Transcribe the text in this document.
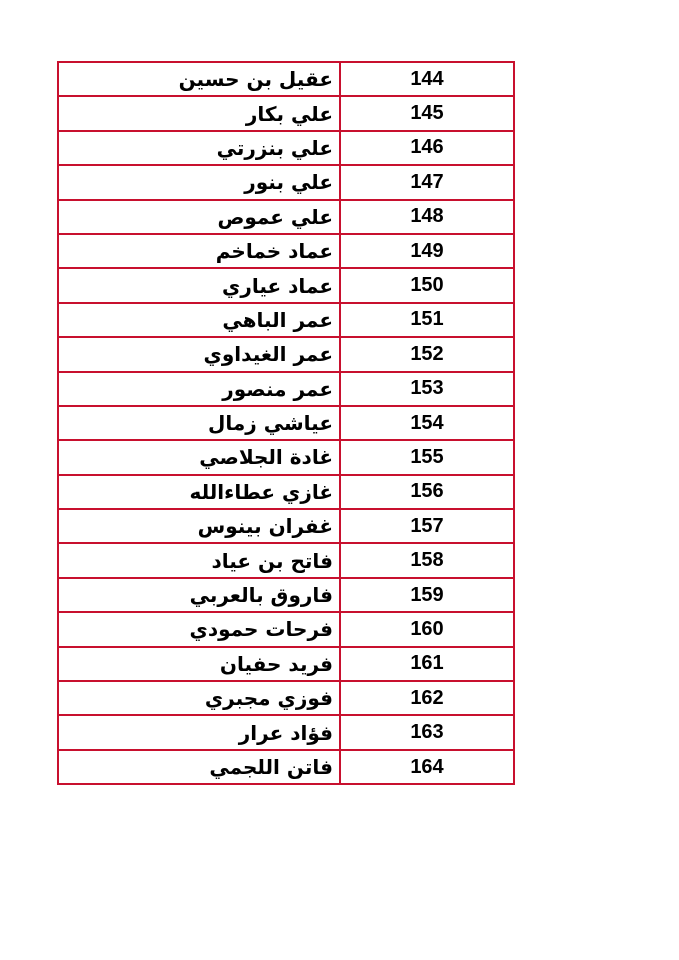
عقيل بن حسين	144
علي بكار	145
علي بنزرتي	146
علي بنور	147
علي عموص	148
عماد خماخم	149
عماد عياري	150
عمر الباهي	151
عمر الغيداوي	152
عمر منصور	153
عياشي زمال	154
غادة الجلاصي	155
غازي عطاءالله	156
غفران بينوس	157
فاتح بن عياد	158
فاروق بالعربي	159
فرحات حمودي	160
فريد حفيان	161
فوزي مجبري	162
فؤاد عرار	163
فاتن اللجمي	164
